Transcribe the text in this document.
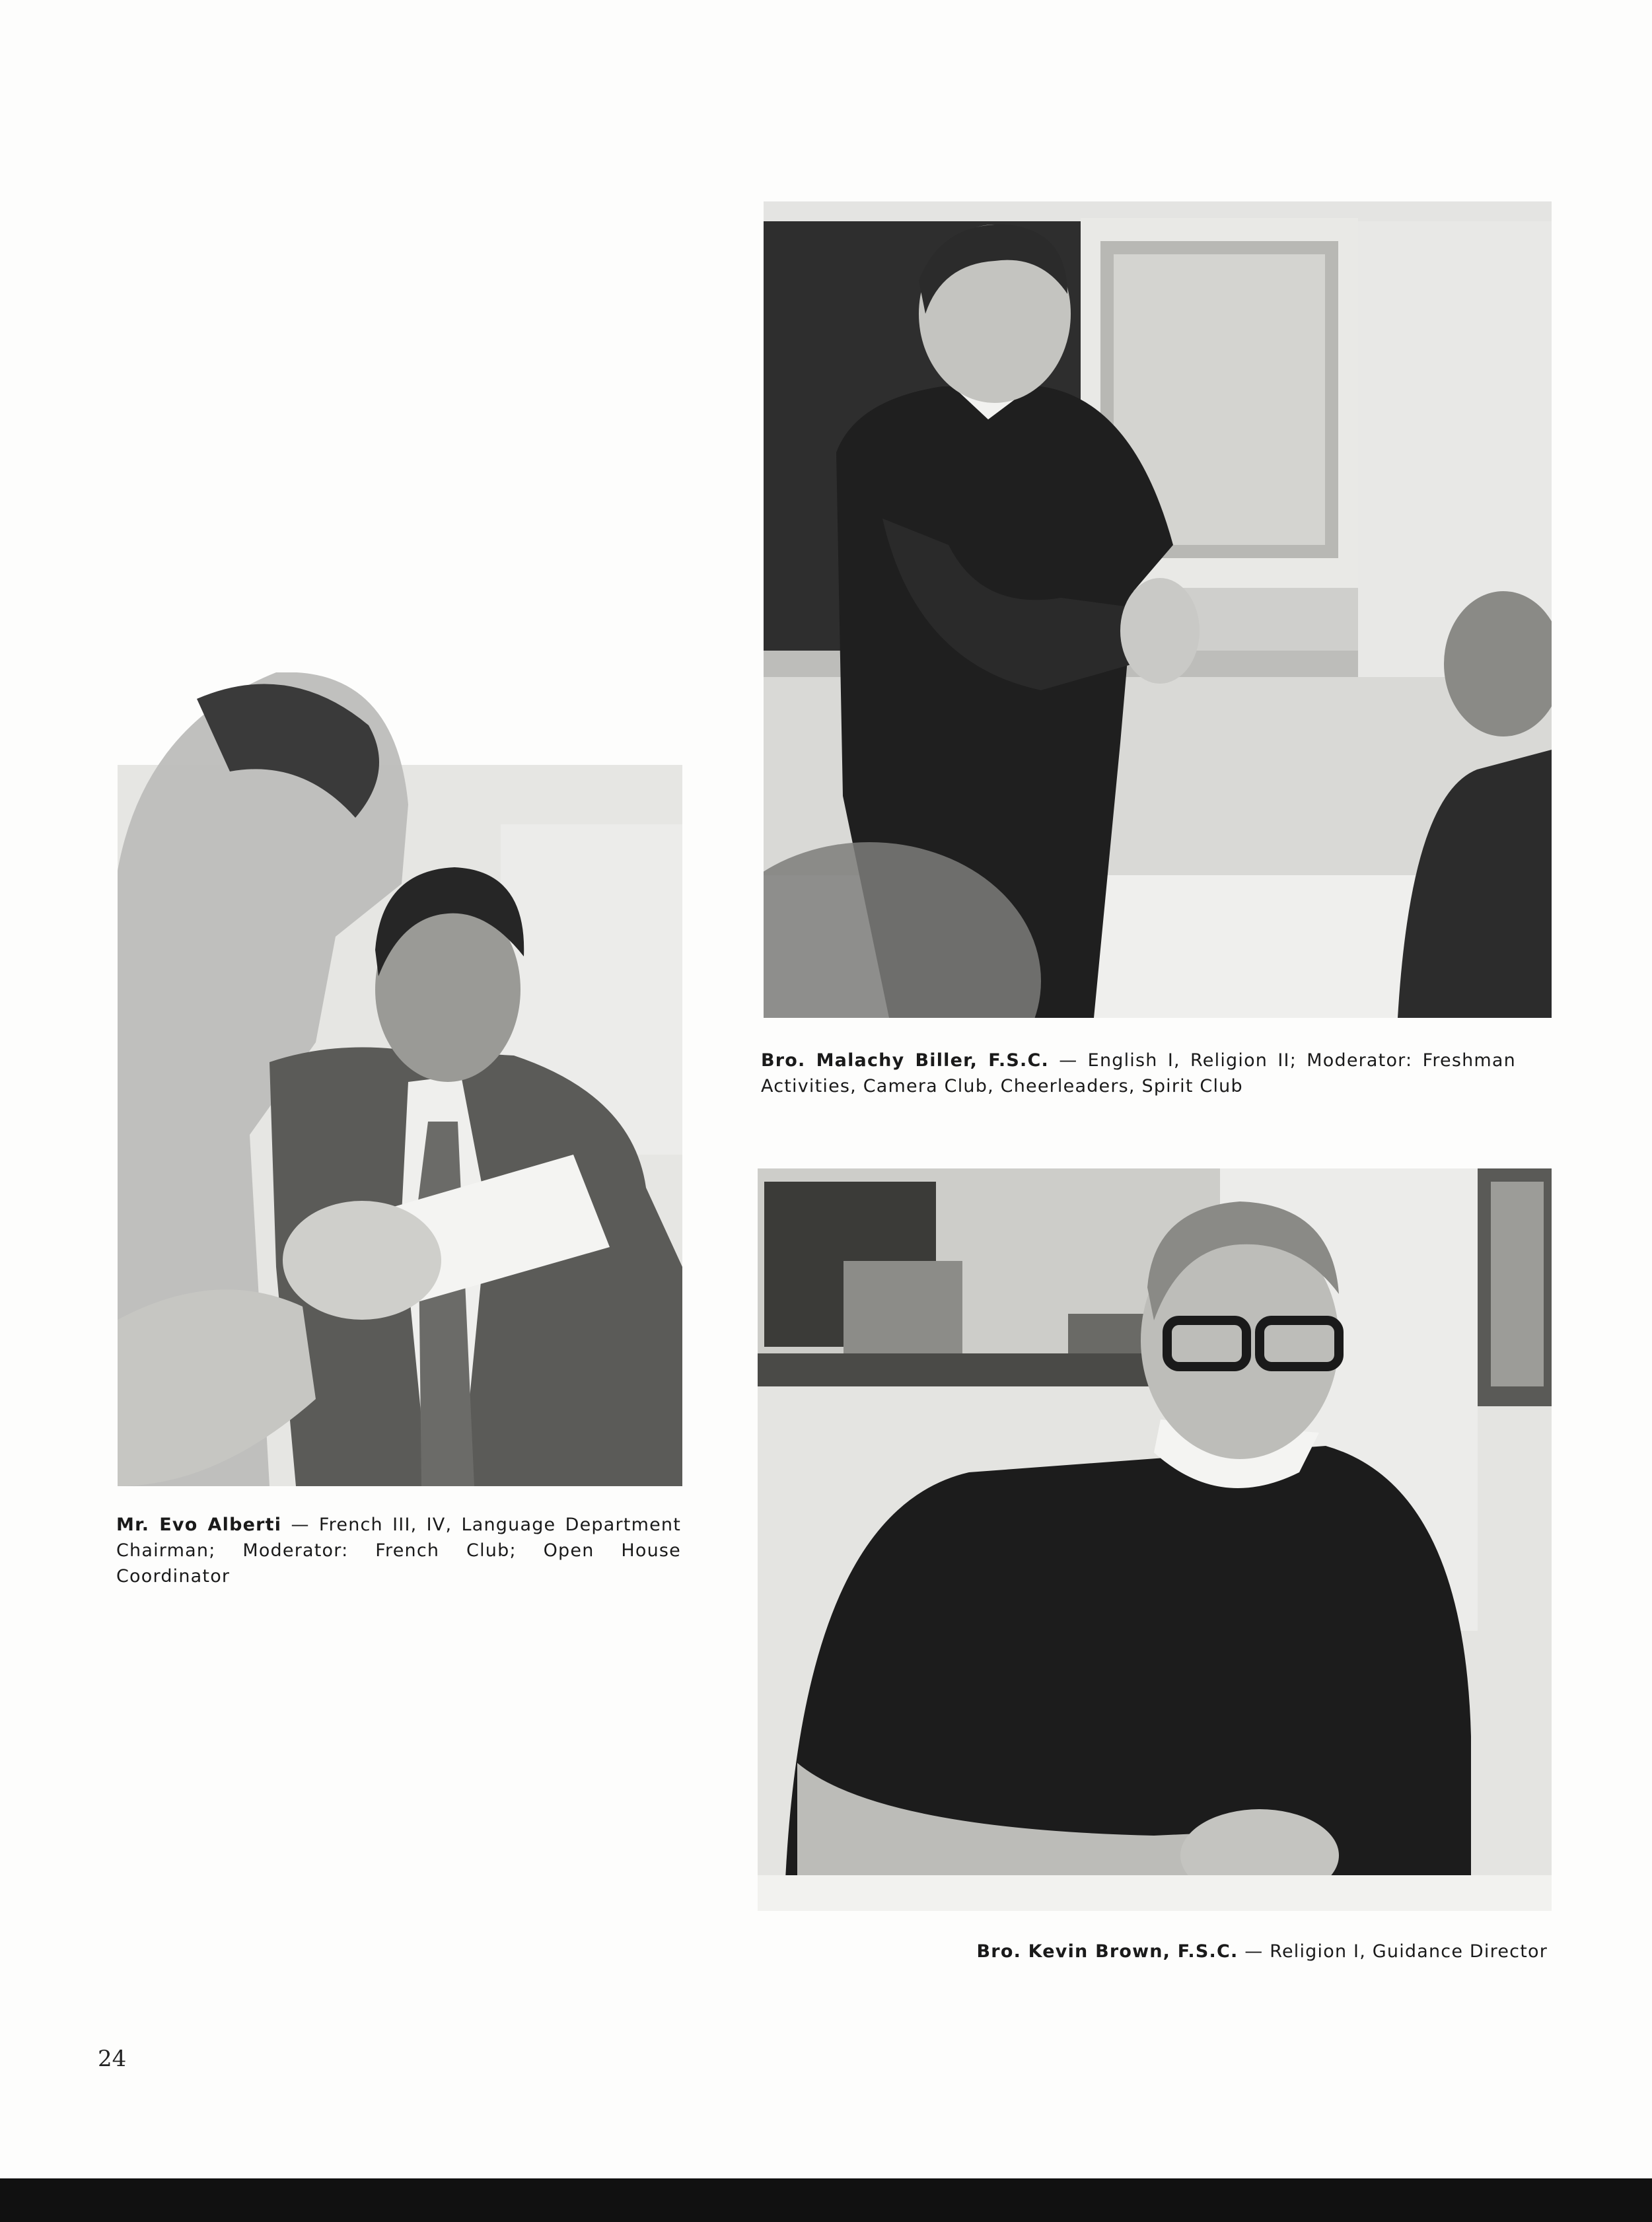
Bro. Malachy Biller, F.S.C. — English I, Religion II; Moderator: Freshman Activities, Camera Club, Cheerleaders, Spirit Club
Mr. Evo Alberti — French III, IV, Language Department Chairman; Moderator: French Club; Open House Coordinator
Bro. Kevin Brown, F.S.C. — Religion I, Guidance Director
24
